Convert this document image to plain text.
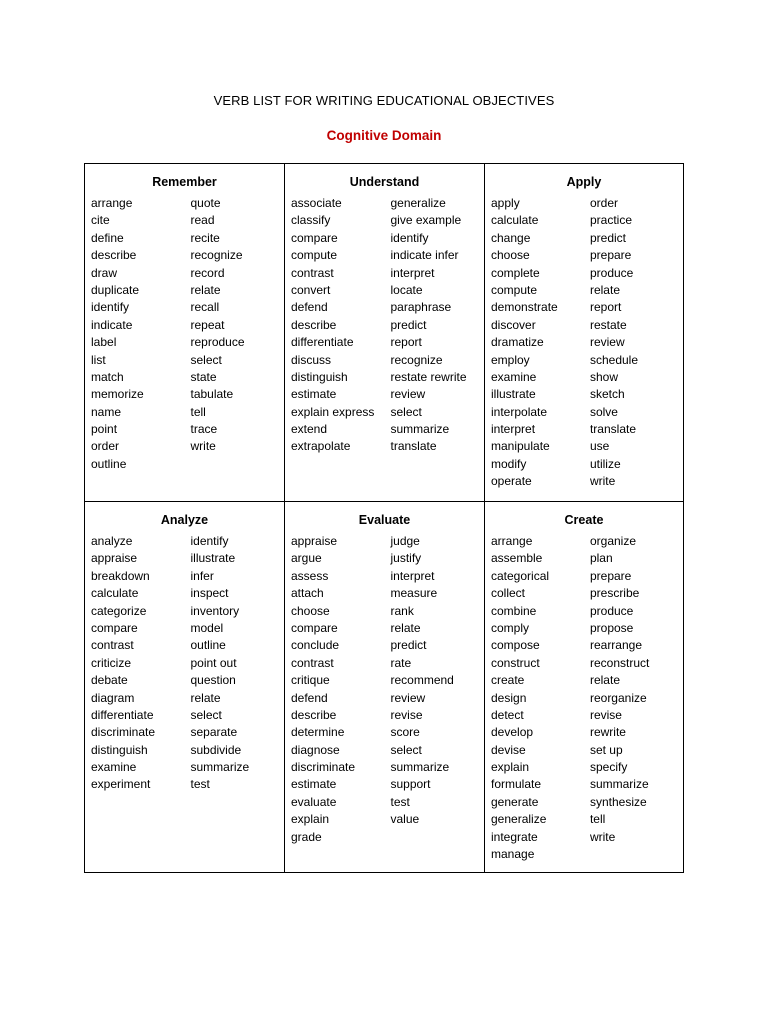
VERB LIST FOR WRITING EDUCATIONAL OBJECTIVES
Cognitive Domain
Remember
arrange
cite
define
describe
draw
duplicate
identify
indicate
label
list
match
memorize
name
point
order
outline
quote
read
recite
recognize
record
relate
recall
repeat
reproduce
select
state
tabulate
tell
trace
write
Understand
associate
classify
compare
compute
contrast
convert
defend
describe
differentiate
discuss
distinguish
estimate
explain express
extend
extrapolate
generalize
give example
identify
indicate infer
interpret
locate
paraphrase
predict
report
recognize
restate rewrite
review
select
summarize
translate
Apply
apply
calculate
change
choose
complete
compute
demonstrate
discover
dramatize
employ
examine
illustrate
interpolate
interpret
manipulate
modify
operate
order
practice
predict
prepare
produce
relate
report
restate
review
schedule
show
sketch
solve
translate
use
utilize
write
Analyze
analyze
appraise
breakdown
calculate
categorize
compare
contrast
criticize
debate
diagram
differentiate
discriminate
distinguish
examine
experiment
identify
illustrate
infer
inspect
inventory
model
outline
point out
question
relate
select
separate
subdivide
summarize
test
Evaluate
appraise
argue
assess
attach
choose
compare
conclude
contrast
critique
defend
describe
determine
diagnose
discriminate
estimate
evaluate
explain
grade
judge
justify
interpret
measure
rank
relate
predict
rate
recommend
review
revise
score
select
summarize
support
test
value
Create
arrange
assemble
categorical
collect
combine
comply
compose
construct
create
design
detect
develop
devise
explain
formulate
generate
generalize
integrate
manage
organize
plan
prepare
prescribe
produce
propose
rearrange
reconstruct
relate
reorganize
revise
rewrite
set up
specify
summarize
synthesize
tell
write
